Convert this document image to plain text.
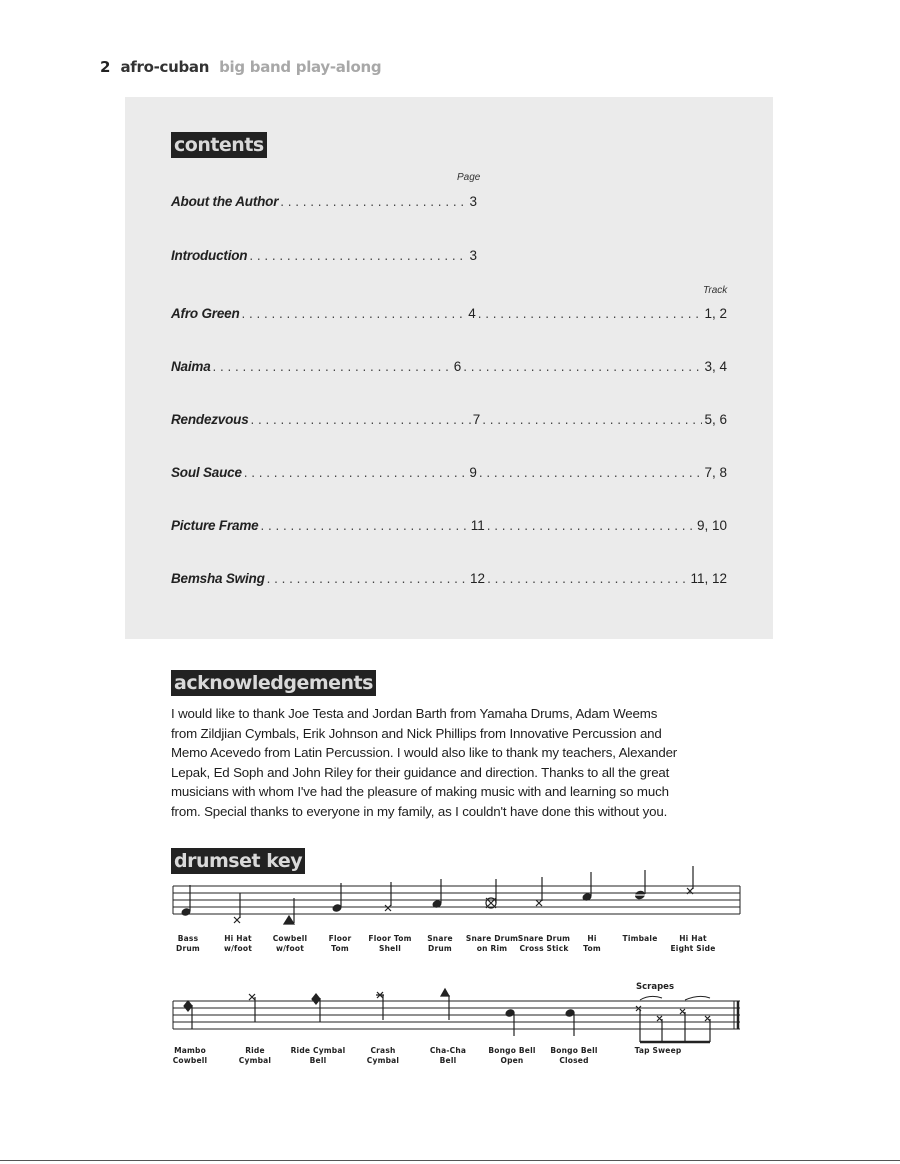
2 afro-cuban big band play-along
contents
Page
Track
About the Author . . .	3
Introduction . . .	3
Afro Green . . .	4 . . .	1, 2
Naima . . .	6 . . .	3, 4
Rendezvous . . .	7 . . .	5, 6
Soul Sauce . . .	9 . . .	7, 8
Picture Frame . . .	11 . . .	9, 10
Bemsha Swing . . .	12 . . .	11, 12
acknowledgements

I would like to thank Joe Testa and Jordan Barth from Yamaha Drums, Adam Weems

from Zildjian Cymbals, Erik Johnson and Nick Phillips from Innovative Percussion and

Memo Acevedo from Latin Percussion. I would also like to thank my teachers, Alexander

Lepak, Ed Soph and John Riley for their guidance and direction. Thanks to all the great

musicians with whom I've had the pleasure of making music with and learning so much

from. Special thanks to everyone in my family, as I couldn't have done this without you.

drumset key
Bass
Drum
Hi Hat
w/foot
Cowbell
w/foot
Floor
Tom
Floor Tom
Shell
Snare
Drum
Snare Drum
on Rim
Snare Drum
Cross Stick
Hi
Tom
Timbale	Hi Hat
Eight Side
Scrapes
Mambo
Cowbell
Ride
Cymbal
Ride Cymbal
Bell
Crash
Cymbal
Cha-Cha
Bell
Bongo Bell
Open
Bongo Bell
Closed
Tap Sweep
